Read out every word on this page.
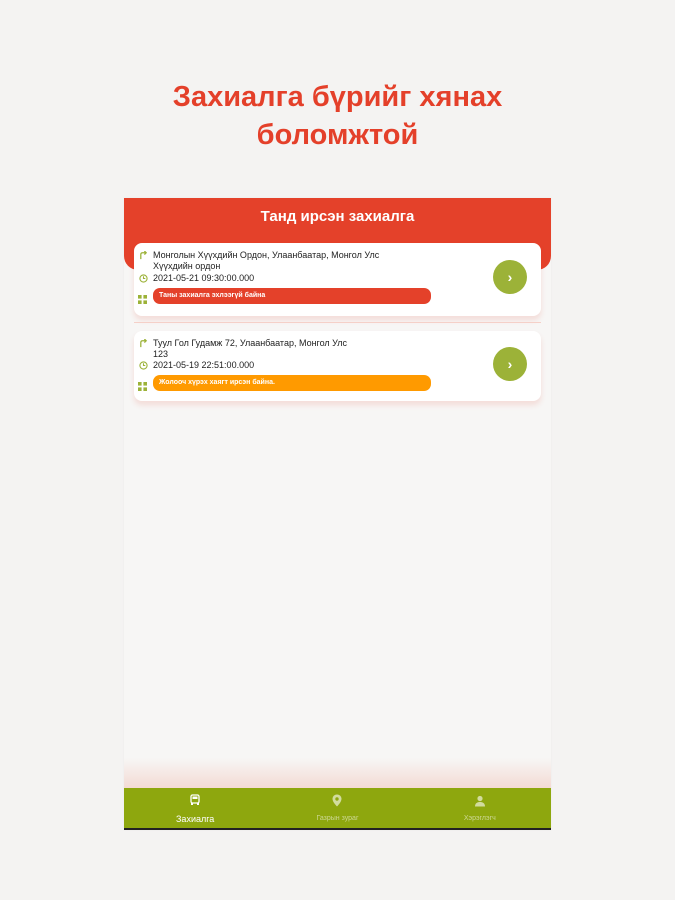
Захиалга бүрийг хянах
боломжтой
Танд ирсэн захиалга
Монголын Хүүхдийн Ордон, Улаанбаатар, Монгол Улс
Хүүхдийн ордон
2021-05-21 09:30:00.000
Таны захиалга эхлээгүй байна
›
Туул Гол Гудамж 72, Улаанбаатар, Монгол Улс
123
2021-05-19 22:51:00.000
Жолооч хүрэх хаягт ирсэн байна.
›
Захиалга	Газрын зураг	Хэрэглэгч
